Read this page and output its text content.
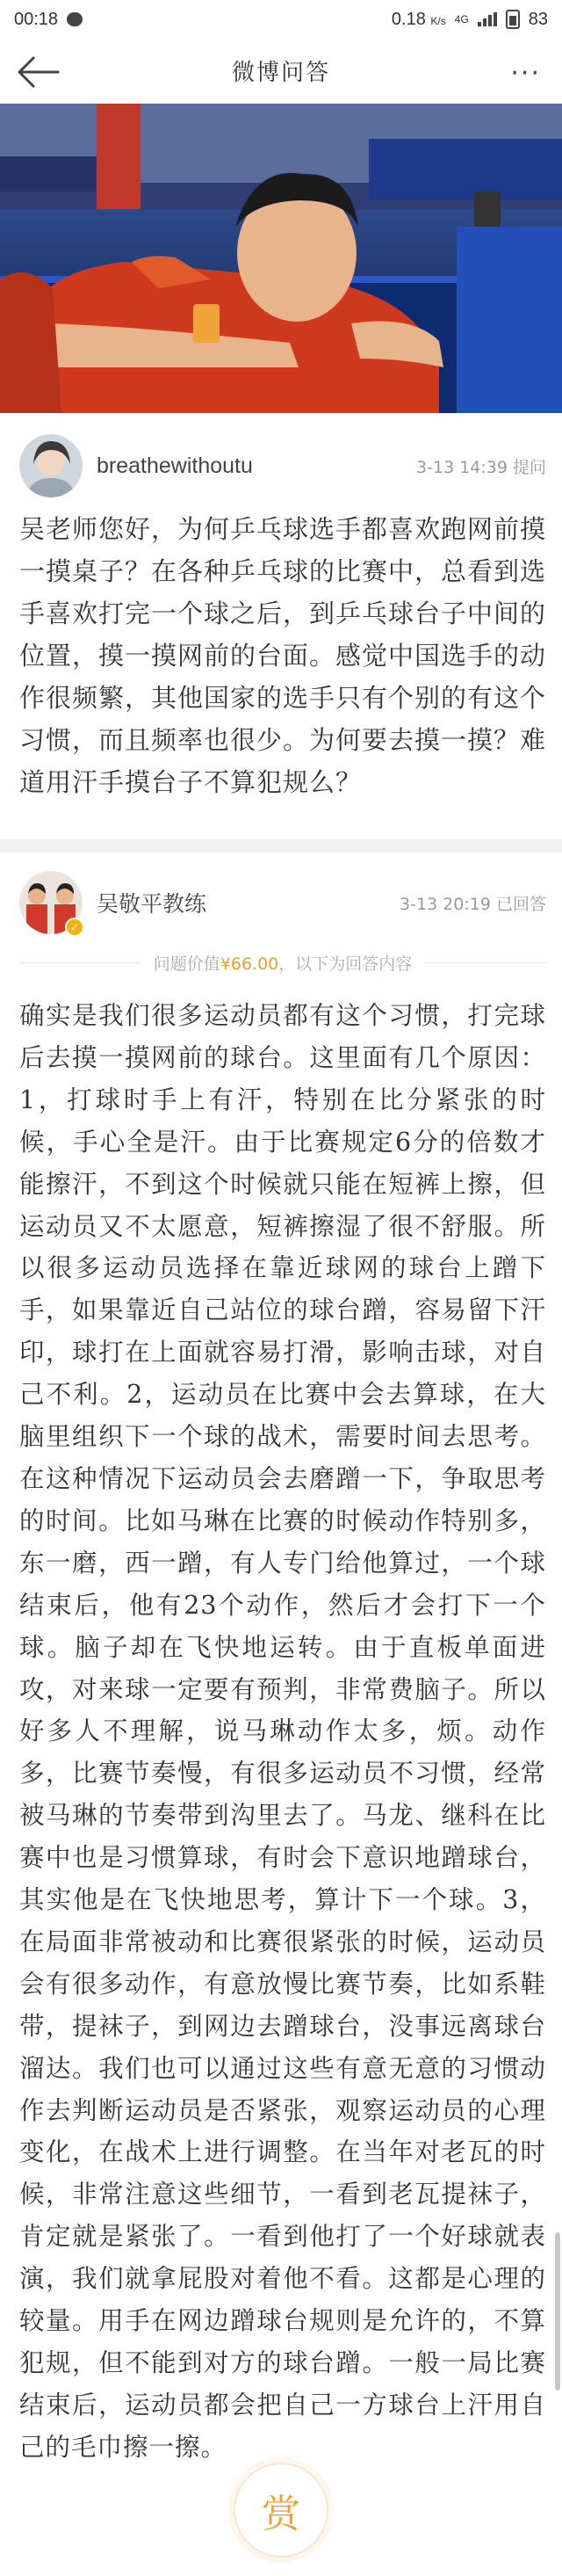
00:18	0.18 K/s 4G	83
微博问答	···
breathewithoutu	3-13 14:39 提问
吴老师您好，为何乒乓球选手都喜欢跑网前摸一摸桌子？在各种乒乓球的比赛中，总看到选手喜欢打完一个球之后，到乒乓球台子中间的位置，摸一摸网前的台面。感觉中国选手的动作很频繁，其他国家的选手只有个别的有这个习惯，而且频率也很少。为何要去摸一摸？难道用汗手摸台子不算犯规么？
✓
吴敬平教练	3-13 20:19 已回答
问题价值¥66.00，以下为回答内容
确实是我们很多运动员都有这个习惯，打完球后去摸一摸网前的球台。这里面有几个原因：1，打球时手上有汗，特别在比分紧张的时候，手心全是汗。由于比赛规定6分的倍数才能擦汗，不到这个时候就只能在短裤上擦，但运动员又不太愿意，短裤擦湿了很不舒服。所以很多运动员选择在靠近球网的球台上蹭下手，如果靠近自己站位的球台蹭，容易留下汗印，球打在上面就容易打滑，影响击球，对自己不利。2，运动员在比赛中会去算球，在大脑里组织下一个球的战术，需要时间去思考。在这种情况下运动员会去磨蹭一下，争取思考的时间。比如马琳在比赛的时候动作特别多，东一磨，西一蹭，有人专门给他算过，一个球结束后，他有23个动作，然后才会打下一个球。脑子却在飞快地运转。由于直板单面进攻，对来球一定要有预判，非常费脑子。所以好多人不理解，说马琳动作太多，烦。动作多，比赛节奏慢，有很多运动员不习惯，经常被马琳的节奏带到沟里去了。马龙、继科在比赛中也是习惯算球，有时会下意识地蹭球台，其实他是在飞快地思考，算计下一个球。3，在局面非常被动和比赛很紧张的时候，运动员会有很多动作，有意放慢比赛节奏，比如系鞋带，提袜子，到网边去蹭球台，没事远离球台溜达。我们也可以通过这些有意无意的习惯动作去判断运动员是否紧张，观察运动员的心理变化，在战术上进行调整。在当年对老瓦的时候，非常注意这些细节，一看到老瓦提袜子，肯定就是紧张了。一看到他打了一个好球就表演，我们就拿屁股对着他不看。这都是心理的较量。用手在网边蹭球台规则是允许的，不算犯规，但不能到对方的球台蹭。一般一局比赛结束后，运动员都会把自己一方球台上汗用自己的毛巾擦一擦。
赏
